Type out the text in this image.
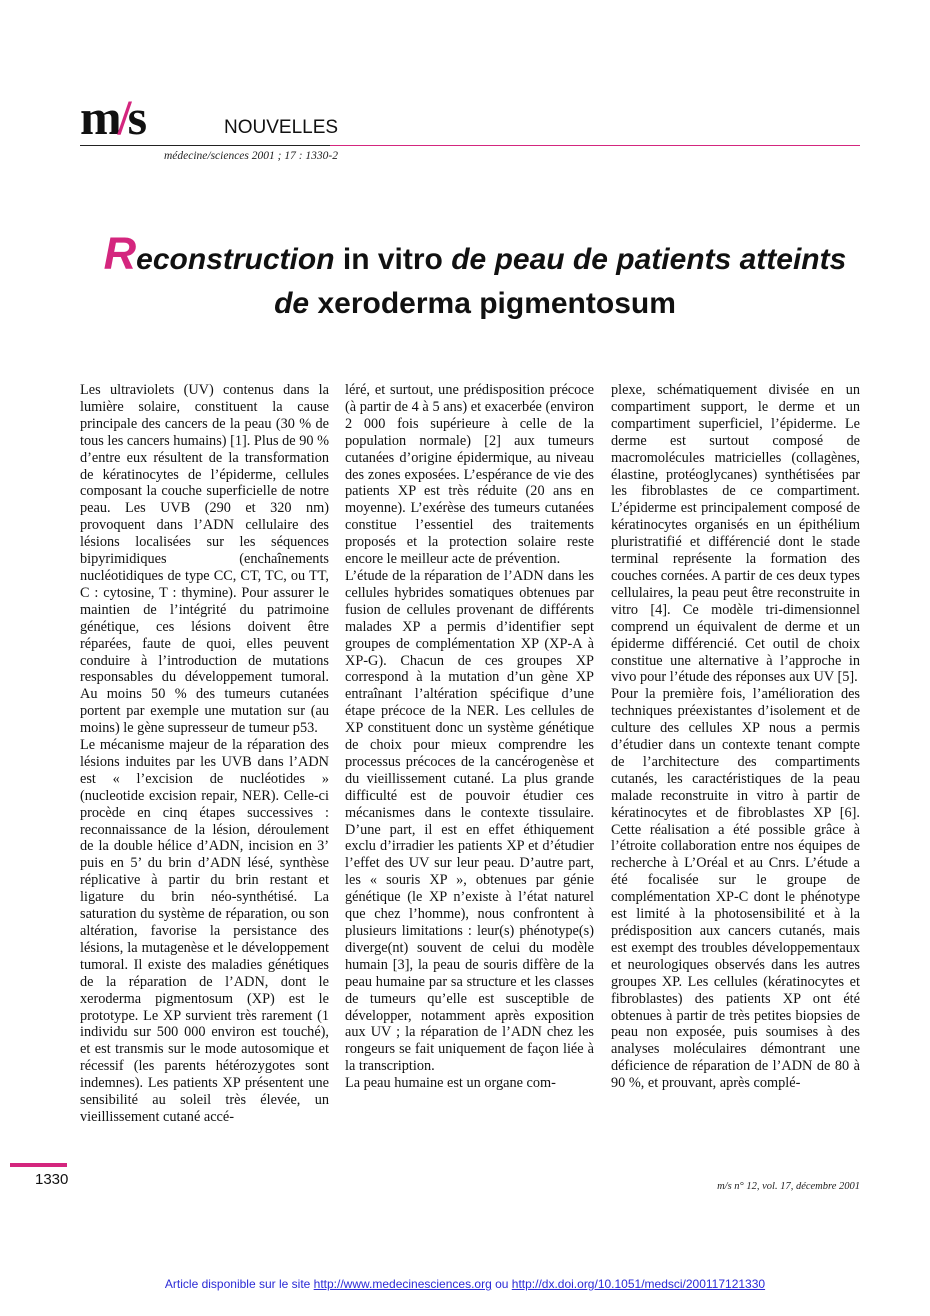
m/s	NOUVELLES
médecine/sciences 2001 ; 17 : 1330-2
Reconstruction in vitro de peau de patients atteints
de xeroderma pigmentosum

Les ultraviolets (UV) contenus dans la lumière solaire, constituent la cause principale des cancers de la peau (30 % de tous les cancers humains) [1]. Plus de 90 % d’entre eux résultent de la transformation de kératinocytes de l’épiderme, cellules composant la couche superficielle de notre peau. Les UVB (290 et 320 nm) provoquent dans l’ADN cellulaire des lésions localisées sur les séquences bipyrimidiques (enchaînements nucléotidiques de type CC, CT, TC, ou TT, C : cytosine, T : thymine). Pour assurer le maintien de l’intégrité du patrimoine génétique, ces lésions doivent être réparées, faute de quoi, elles peuvent conduire à l’introduction de mutations responsables du développement tumoral. Au moins 50 % des tumeurs cutanées portent par exemple une mutation sur (au moins) le gène supresseur de tumeur p53.

Le mécanisme majeur de la réparation des lésions induites par les UVB dans l’ADN est « l’excision de nucléotides » (nucleotide excision repair, NER). Celle-ci procède en cinq étapes successives : reconnaissance de la lésion, déroulement de la double hélice d’ADN, incision en 3’ puis en 5’ du brin d’ADN lésé, synthèse réplicative à partir du brin restant et ligature du brin néo-synthétisé. La saturation du système de réparation, ou son altération, favorise la persistance des lésions, la mutagenèse et le développement tumoral. Il existe des maladies génétiques de la réparation de l’ADN, dont le xeroderma pigmentosum (XP) est le prototype. Le XP survient très rarement (1 individu sur 500 000 environ est touché), et est transmis sur le mode autosomique et récessif (les parents hétérozygotes sont indemnes). Les patients XP présentent une sensibilité au soleil très élevée, un vieillissement cutané accé-

léré, et surtout, une prédisposition précoce (à partir de 4 à 5 ans) et exacerbée (environ 2 000 fois supérieure à celle de la population normale) [2] aux tumeurs cutanées d’origine épidermique, au niveau des zones exposées. L’espérance de vie des patients XP est très réduite (20 ans en moyenne). L’exérèse des tumeurs cutanées constitue l’essentiel des traitements proposés et la protection solaire reste encore le meilleur acte de prévention.

L’étude de la réparation de l’ADN dans les cellules hybrides somatiques obtenues par fusion de cellules provenant de différents malades XP a permis d’identifier sept groupes de complémentation XP (XP-A à XP-G). Chacun de ces groupes XP correspond à la mutation d’un gène XP entraînant l’altération spécifique d’une étape précoce de la NER. Les cellules de XP constituent donc un système génétique de choix pour mieux comprendre les processus précoces de la cancérogenèse et du vieillissement cutané. La plus grande difficulté est de pouvoir étudier ces mécanismes dans le contexte tissulaire. D’une part, il est en effet éthiquement exclu d’irradier les patients XP et d’étudier l’effet des UV sur leur peau. D’autre part, les « souris XP », obtenues par génie génétique (le XP n’existe à l’état naturel que chez l’homme), nous confrontent à plusieurs limitations : leur(s) phénotype(s) diverge(nt) souvent de celui du modèle humain [3], la peau de souris diffère de la peau humaine par sa structure et les classes de tumeurs qu’elle est susceptible de développer, notamment après exposition aux UV ; la réparation de l’ADN chez les rongeurs se fait uniquement de façon liée à la transcription.

La peau humaine est un organe com-

plexe, schématiquement divisée en un compartiment support, le derme et un compartiment superficiel, l’épiderme. Le derme est surtout composé de macromolécules matricielles (collagènes, élastine, protéoglycanes) synthétisées par les fibroblastes de ce compartiment. L’épiderme est principalement composé de kératinocytes organisés en un épithélium pluristratifié et différencié dont le stade terminal représente la formation des couches cornées. A partir de ces deux types cellulaires, la peau peut être reconstruite in vitro [4]. Ce modèle tri-dimensionnel comprend un équivalent de derme et un épiderme différencié. Cet outil de choix constitue une alternative à l’approche in vivo pour l’étude des réponses aux UV [5].

Pour la première fois, l’amélioration des techniques préexistantes d’isolement et de culture des cellules XP nous a permis d’étudier dans un contexte tenant compte de l’architecture des compartiments cutanés, les caractéristiques de la peau malade reconstruite in vitro à partir de kératinocytes et de fibroblastes XP [6]. Cette réalisation a été possible grâce à l’étroite collaboration entre nos équipes de recherche à L’Oréal et au Cnrs. L’étude a été focalisée sur le groupe de complémentation XP-C dont le phénotype est limité à la photosensibilité et à la prédisposition aux cancers cutanés, mais est exempt des troubles développementaux et neurologiques observés dans les autres groupes XP. Les cellules (kératinocytes et fibroblastes) des patients XP ont été obtenues à partir de très petites biopsies de peau non exposée, puis soumises à des analyses moléculaires démontrant une déficience de réparation de l’ADN de 80 à 90 %, et prouvant, après complé-

1330	m/s n° 12, vol. 17, décembre 2001
Article disponible sur le site http://www.medecinesciences.org ou http://dx.doi.org/10.1051/medsci/200117121330
